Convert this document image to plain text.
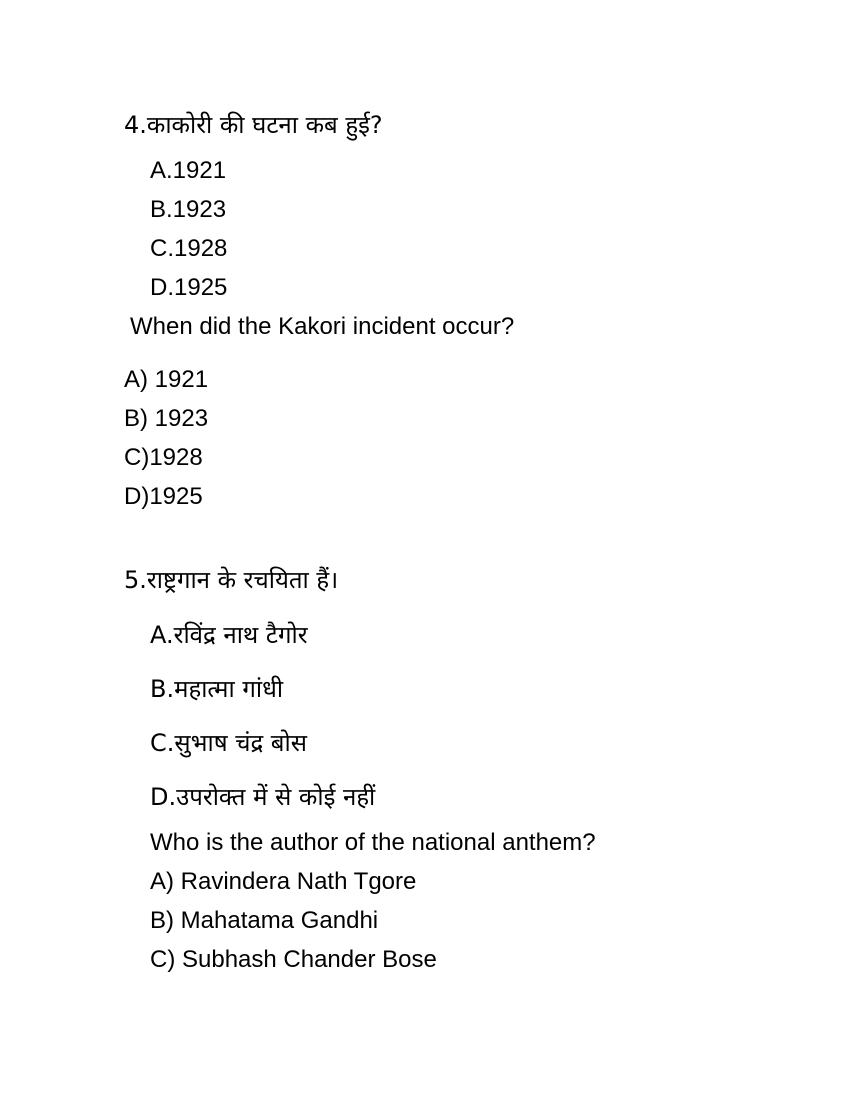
4.काकोरी की घटना कब हुई?
A.1921
B.1923
C.1928
D.1925
When did the Kakori incident occur?
A) 1921
B) 1923
C)1928
D)1925
5.राष्ट्रगान के रचयिता हैं।
A.रविंद्र नाथ टैगोर
B.महात्मा गांधी
C.सुभाष चंद्र बोस
D.उपरोक्त में से कोई नहीं
Who is the author of the national anthem?
A) Ravindera Nath Tgore
B) Mahatama Gandhi
C) Subhash Chander Bose
